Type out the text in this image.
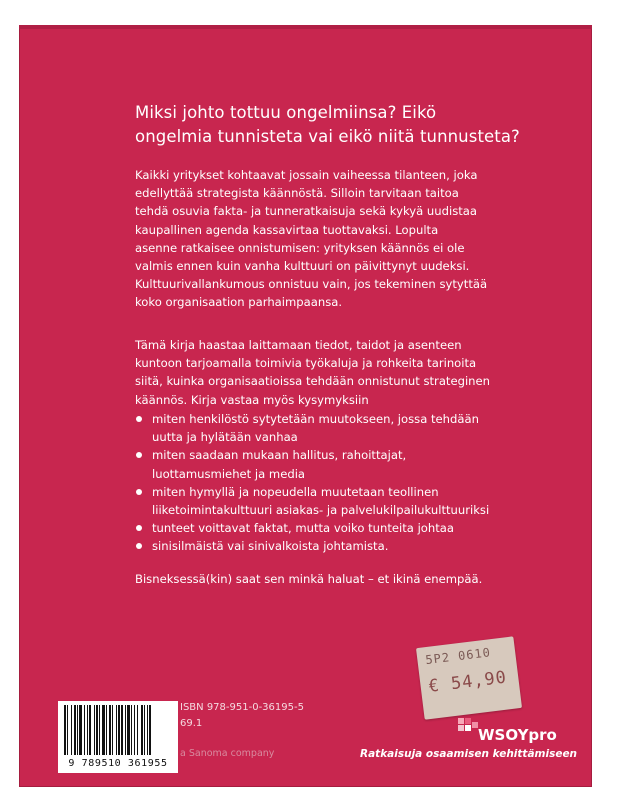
Miksi johto tottuu ongelmiinsa? Eikö
ongelmia tunnisteta vai eikö niitä tunnusteta?
Kaikki yritykset kohtaavat jossain vaiheessa tilanteen, joka
edellyttää strategista käännöstä. Silloin tarvitaan taitoa
tehdä osuvia fakta- ja tunneratkaisuja sekä kykyä uudistaa
kaupallinen agenda kassavirtaa tuottavaksi. Lopulta
asenne ratkaisee onnistumisen: yrityksen käännös ei ole
valmis ennen kuin vanha kulttuuri on päivittynyt uudeksi.
Kulttuurivallankumous onnistuu vain, jos tekeminen sytyttää
koko organisaation parhaimpaansa.
Tämä kirja haastaa laittamaan tiedot, taidot ja asenteen
kuntoon tarjoamalla toimivia työkaluja ja rohkeita tarinoita
siitä, kuinka organisaatioissa tehdään onnistunut strateginen
käännös. Kirja vastaa myös kysymyksiin
miten henkilöstö sytytetään muutokseen, jossa tehdään
uutta ja hylätään vanhaa
miten saadaan mukaan hallitus, rahoittajat,
luottamusmiehet ja media
miten hymyllä ja nopeudella muutetaan teollinen
liiketoimintakulttuuri asiakas- ja palvelukilpailukulttuuriksi
tunteet voittavat faktat, mutta voiko tunteita johtaa
sinisilmäistä vai sinivalkoista johtamista.
Bisneksessä(kin) saat sen minkä haluat – et ikinä enempää.
9 789510 361955
ISBN 978-951-0-36195-5
69.1
a Sanoma company
5P2 0610
€ 54,90
WSOYpro
Ratkaisuja osaamisen kehittämiseen
